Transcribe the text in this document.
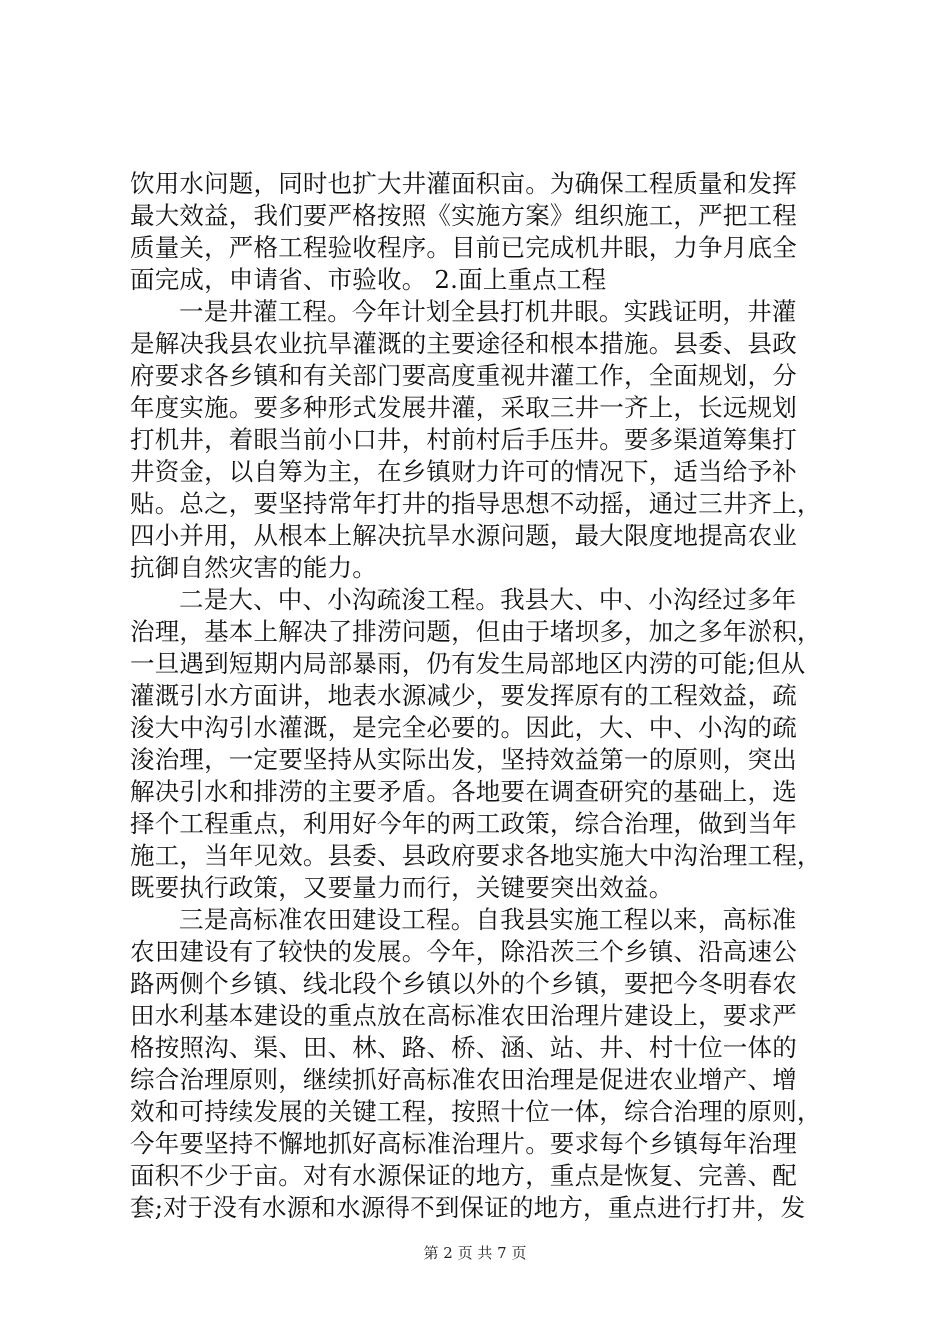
饮用水问题，同时也扩大井灌面积亩。为确保工程质量和发挥
最大效益，我们要严格按照《实施方案》组织施工，严把工程
质量关，严格工程验收程序。目前已完成机井眼，力争月底全
面完成，申请省、市验收。 2.面上重点工程
一是井灌工程。今年计划全县打机井眼。实践证明，井灌
是解决我县农业抗旱灌溉的主要途径和根本措施。县委、县政
府要求各乡镇和有关部门要高度重视井灌工作，全面规划，分
年度实施。要多种形式发展井灌，采取三井一齐上，长远规划
打机井，着眼当前小口井，村前村后手压井。要多渠道筹集打
井资金，以自筹为主，在乡镇财力许可的情况下，适当给予补
贴。总之，要坚持常年打井的指导思想不动摇，通过三井齐上，
四小并用，从根本上解决抗旱水源问题，最大限度地提高农业
抗御自然灾害的能力。
二是大、中、小沟疏浚工程。我县大、中、小沟经过多年
治理，基本上解决了排涝问题，但由于堵坝多，加之多年淤积，
一旦遇到短期内局部暴雨，仍有发生局部地区内涝的可能;但从
灌溉引水方面讲，地表水源减少，要发挥原有的工程效益，疏
浚大中沟引水灌溉，是完全必要的。因此，大、中、小沟的疏
浚治理，一定要坚持从实际出发，坚持效益第一的原则，突出
解决引水和排涝的主要矛盾。各地要在调查研究的基础上，选
择个工程重点，利用好今年的两工政策，综合治理，做到当年
施工，当年见效。县委、县政府要求各地实施大中沟治理工程，
既要执行政策，又要量力而行，关键要突出效益。
三是高标准农田建设工程。自我县实施工程以来，高标准
农田建设有了较快的发展。今年，除沿茨三个乡镇、沿高速公
路两侧个乡镇、线北段个乡镇以外的个乡镇，要把今冬明春农
田水利基本建设的重点放在高标准农田治理片建设上，要求严
格按照沟、渠、田、林、路、桥、涵、站、井、村十位一体的
综合治理原则，继续抓好高标准农田治理是促进农业增产、增
效和可持续发展的关键工程，按照十位一体，综合治理的原则，
今年要坚持不懈地抓好高标准治理片。要求每个乡镇每年治理
面积不少于亩。对有水源保证的地方，重点是恢复、完善、配
套;对于没有水源和水源得不到保证的地方，重点进行打井，发
第 2 页 共 7 页
